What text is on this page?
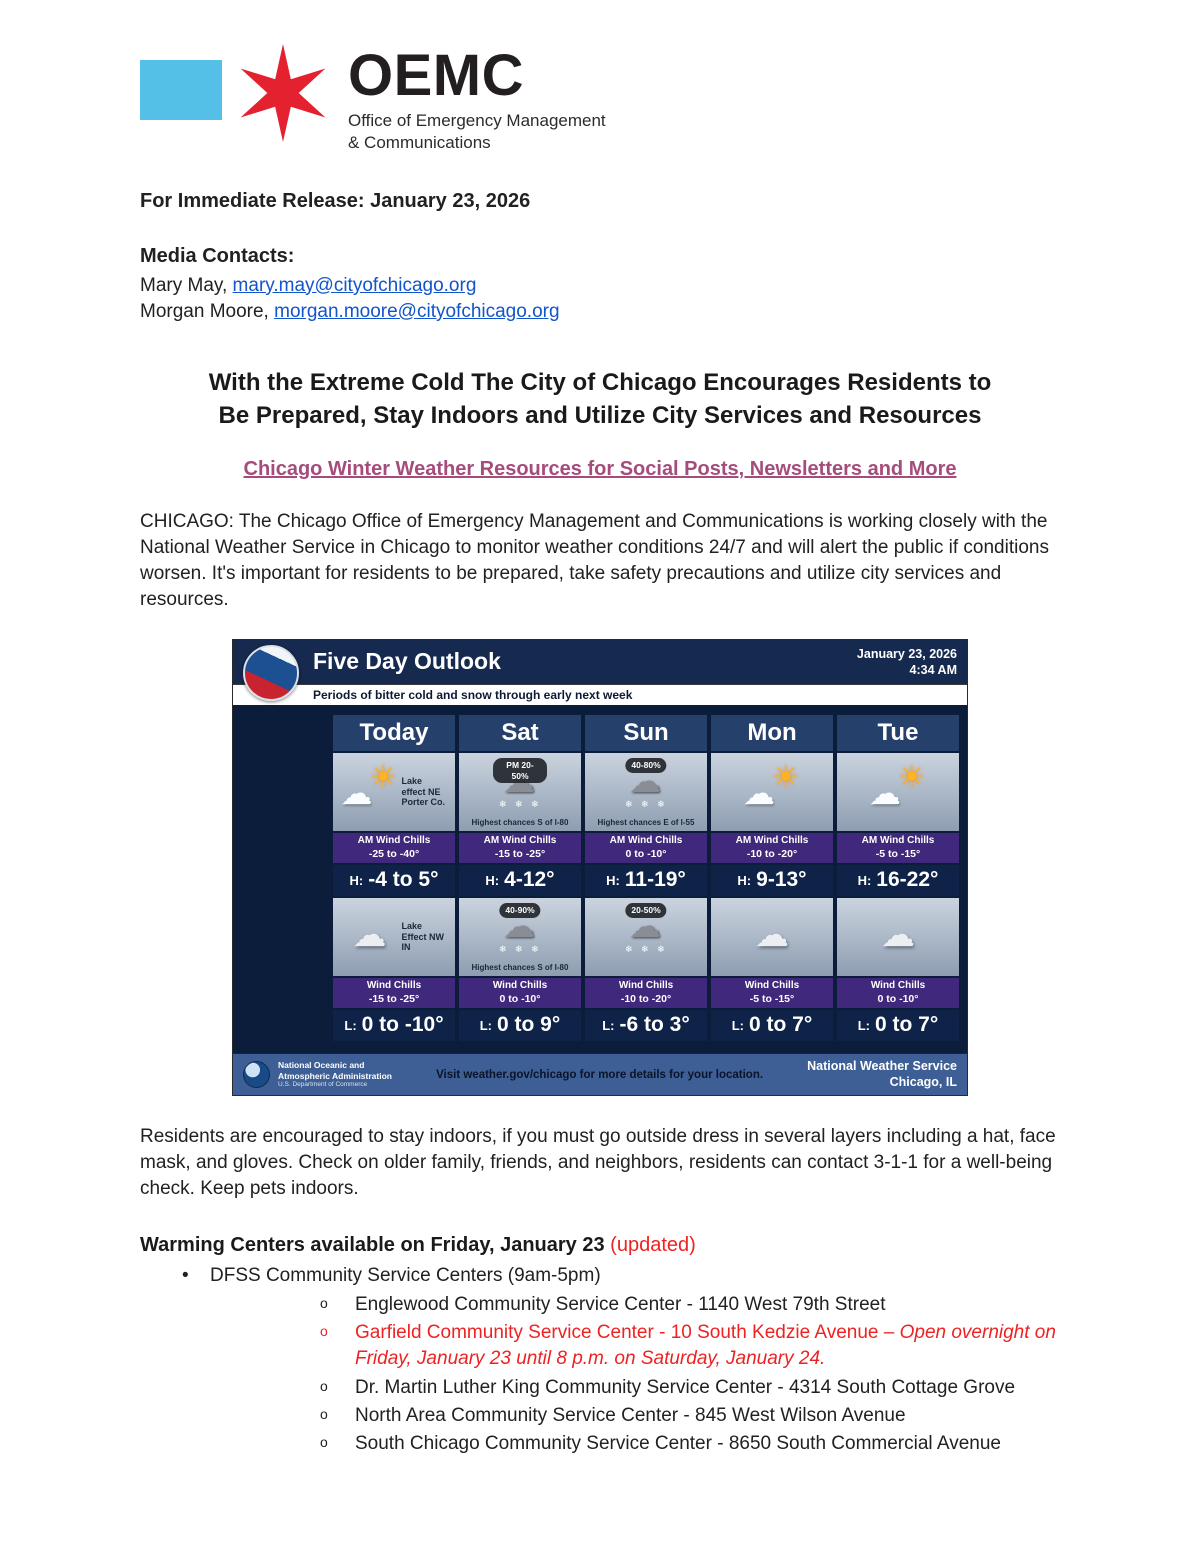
OEMC
Office of Emergency Management
& Communications
For Immediate Release: January 23, 2026
Media Contacts:
Mary May, mary.may@cityofchicago.org
Morgan Moore, morgan.moore@cityofchicago.org
With the Extreme Cold The City of Chicago Encourages Residents to
Be Prepared, Stay Indoors and Utilize City Services and Resources
Chicago Winter Weather Resources for Social Posts, Newsletters and More
CHICAGO: The Chicago Office of Emergency Management and Communications is working closely with the National Weather Service in Chicago to monitor weather conditions 24/7 and will alert the public if conditions worsen. It's important for residents to be prepared, take safety precautions and utilize city services and resources.
Five Day Outlook	January 23, 2026
4:34 AM
Periods of bitter cold and snow through early next week
Today
☀ ☁
Lake effect NE Porter Co.
AM Wind Chills
-25 to -40°
H: -4 to 5°
☁
Lake Effect NW IN
Wind Chills
-15 to -25°
L: 0 to -10°
Sat
PM 20-50%
☁ ❄ ❄ ❄
Highest chances S of I-80
AM Wind Chills
-15 to -25°
H: 4-12°
40-90%
☁ ❄ ❄ ❄
Highest chances S of I-80
Wind Chills
0 to -10°
L: 0 to 9°
Sun
40-80%
☁ ❄ ❄ ❄
Highest chances E of I-55
AM Wind Chills
0 to -10°
H: 11-19°
20-50%
☁ ❄ ❄ ❄
Wind Chills
-10 to -20°
L: -6 to 3°
Mon
☀ ☁
AM Wind Chills
-10 to -20°
H: 9-13°
☁
Wind Chills
-5 to -15°
L: 0 to 7°
Tue
☀ ☁
AM Wind Chills
-5 to -15°
H: 16-22°
☁
Wind Chills
0 to -10°
L: 0 to 7°
National Oceanic and
Atmospheric Administration
U.S. Department of Commerce
Visit weather.gov/chicago for more details for your location.
National Weather Service
Chicago, IL
Residents are encouraged to stay indoors, if you must go outside dress in several layers including a hat, face mask, and gloves. Check on older family, friends, and neighbors, residents can contact 3-1-1 for a well-being check. Keep pets indoors.
Warming Centers available on Friday, January 23 (updated)
• DFSS Community Service Centers (9am-5pm)
o Englewood Community Service Center - 1140 West 79th Street
o Garfield Community Service Center - 10 South Kedzie Avenue – Open overnight on Friday, January 23 until 8 p.m. on Saturday, January 24.
o Dr. Martin Luther King Community Service Center - 4314 South Cottage Grove
o North Area Community Service Center - 845 West Wilson Avenue
o South Chicago Community Service Center - 8650 South Commercial Avenue
